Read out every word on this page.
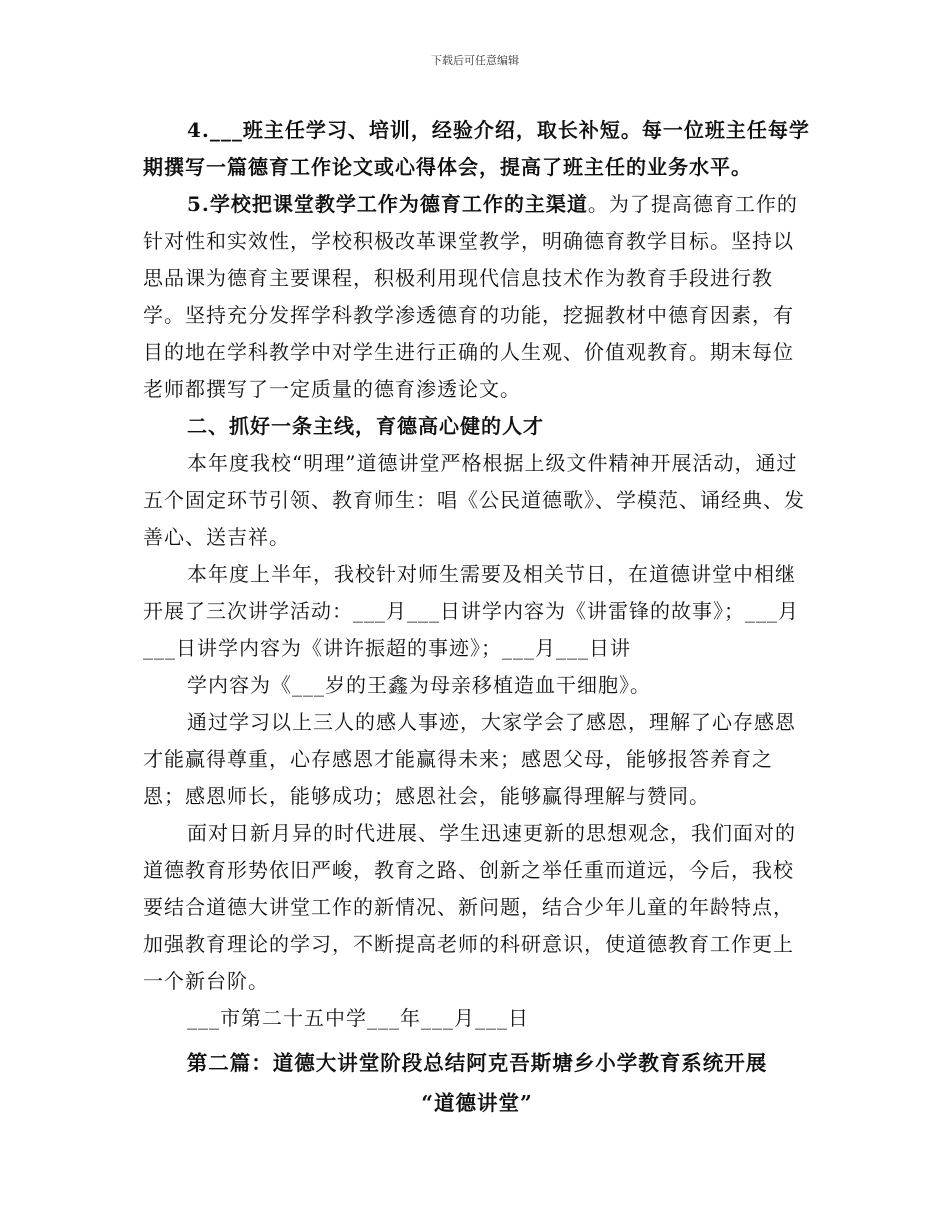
下载后可任意编辑

4.___班主任学习、培训，经验介绍，取长补短。每一位班主任每学期撰写一篇德育工作论文或心得体会，提高了班主任的业务水平。

5.学校把课堂教学工作为德育工作的主渠道。为了提高德育工作的针对性和实效性，学校积极改革课堂教学，明确德育教学目标。坚持以思品课为德育主要课程，积极利用现代信息技术作为教育手段进行教学。坚持充分发挥学科教学渗透德育的功能，挖掘教材中德育因素，有目的地在学科教学中对学生进行正确的人生观、价值观教育。期末每位老师都撰写了一定质量的德育渗透论文。

二、抓好一条主线，育德高心健的人才

本年度我校“明理”道德讲堂严格根据上级文件精神开展活动，通过五个固定环节引领、教育师生：唱《公民道德歌》、学模范、诵经典、发善心、送吉祥。

本年度上半年，我校针对师生需要及相关节日，在道德讲堂中相继开展了三次讲学活动：___月___日讲学内容为《讲雷锋的故事》；___月___日讲学内容为《讲许振超的事迹》；___月___日讲

学内容为《___岁的王鑫为母亲移植造血干细胞》。

通过学习以上三人的感人事迹，大家学会了感恩，理解了心存感恩才能赢得尊重，心存感恩才能赢得未来；感恩父母，能够报答养育之恩；感恩师长，能够成功；感恩社会，能够赢得理解与赞同。

面对日新月异的时代进展、学生迅速更新的思想观念，我们面对的道德教育形势依旧严峻，教育之路、创新之举任重而道远，今后，我校要结合道德大讲堂工作的新情况、新问题，结合少年儿童的年龄特点，加强教育理论的学习，不断提高老师的科研意识，使道德教育工作更上一个新台阶。

___市第二十五中学___年___月___日

第二篇：道德大讲堂阶段总结阿克吾斯塘乡小学教育系统开展

“道德讲堂”
